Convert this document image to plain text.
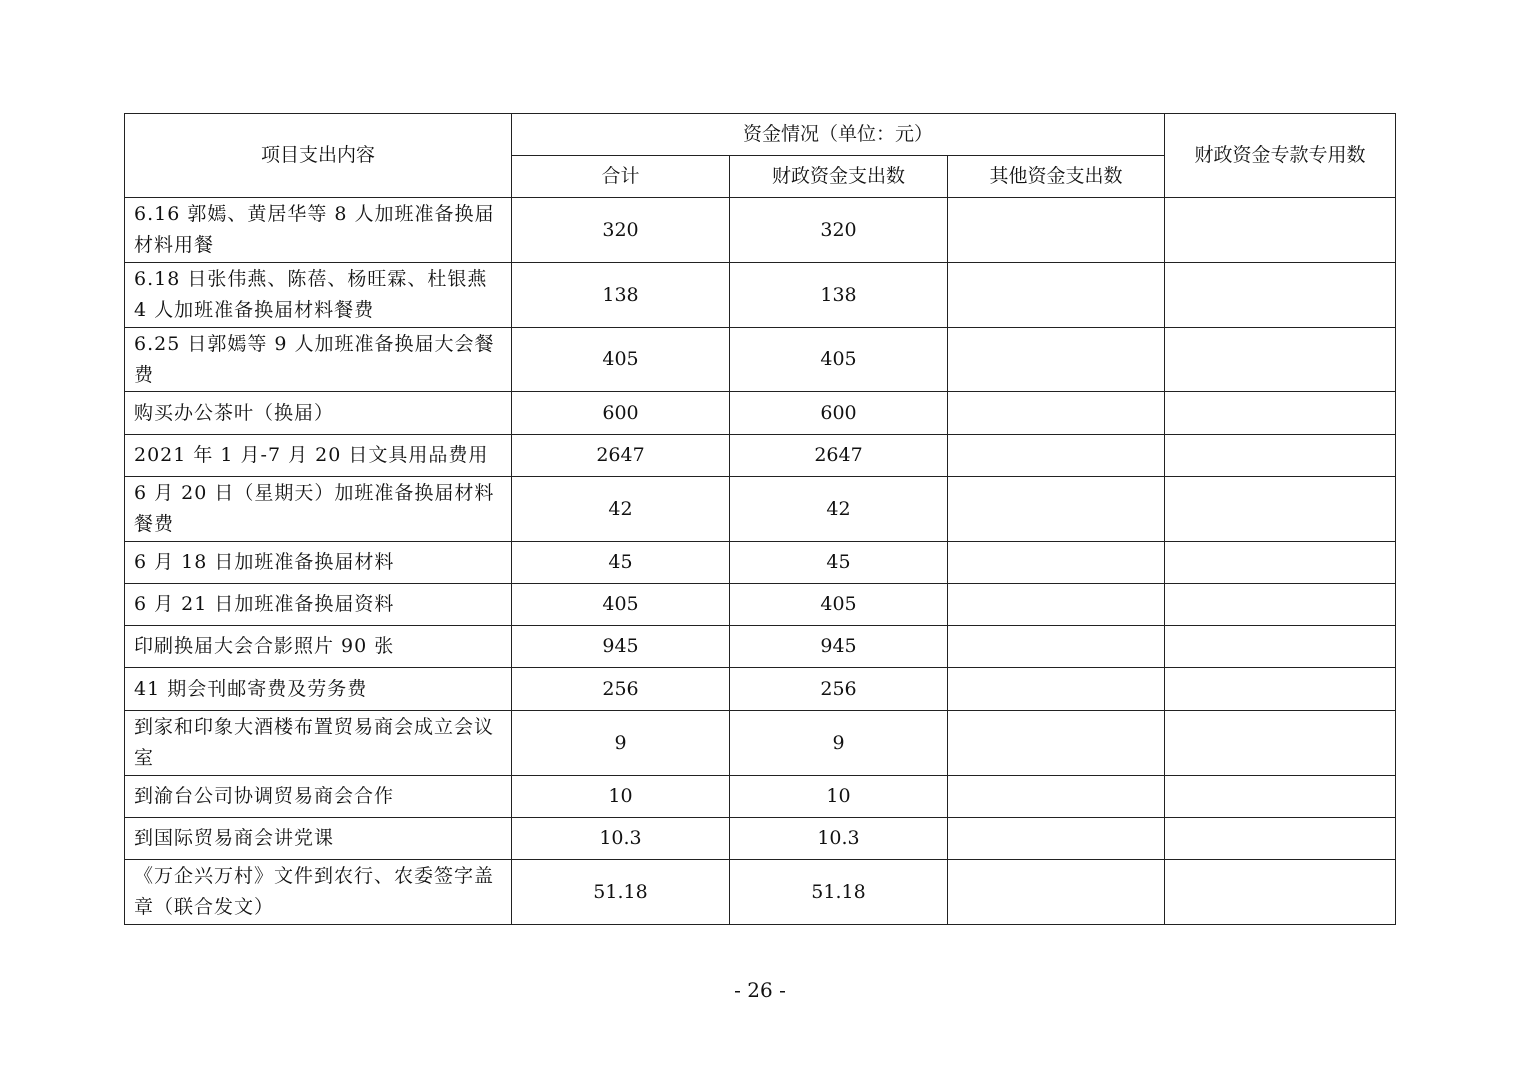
项目支出内容	资金情况（单位：元）			财政资金专款专用数
	合计	财政资金支出数	其他资金支出数	
6.16 郭嫣、黄居华等 8 人加班准备换届材料用餐	320	320		
6.18 日张伟燕、陈蓓、杨旺霖、杜银燕 4 人加班准备换届材料餐费	138	138		
6.25 日郭嫣等 9 人加班准备换届大会餐费	405	405		
购买办公茶叶（换届）	600	600		
2021 年 1 月-7 月 20 日文具用品费用	2647	2647		
6 月 20 日（星期天）加班准备换届材料餐费	42	42		
6 月 18 日加班准备换届材料	45	45		
6 月 21 日加班准备换届资料	405	405		
印刷换届大会合影照片 90 张	945	945		
41 期会刊邮寄费及劳务费	256	256		
到家和印象大酒楼布置贸易商会成立会议室	9	9		
到渝台公司协调贸易商会合作	10	10		
到国际贸易商会讲党课	10.3	10.3		
《万企兴万村》文件到农行、农委签字盖章（联合发文）	51.18	51.18		
- 26 -
